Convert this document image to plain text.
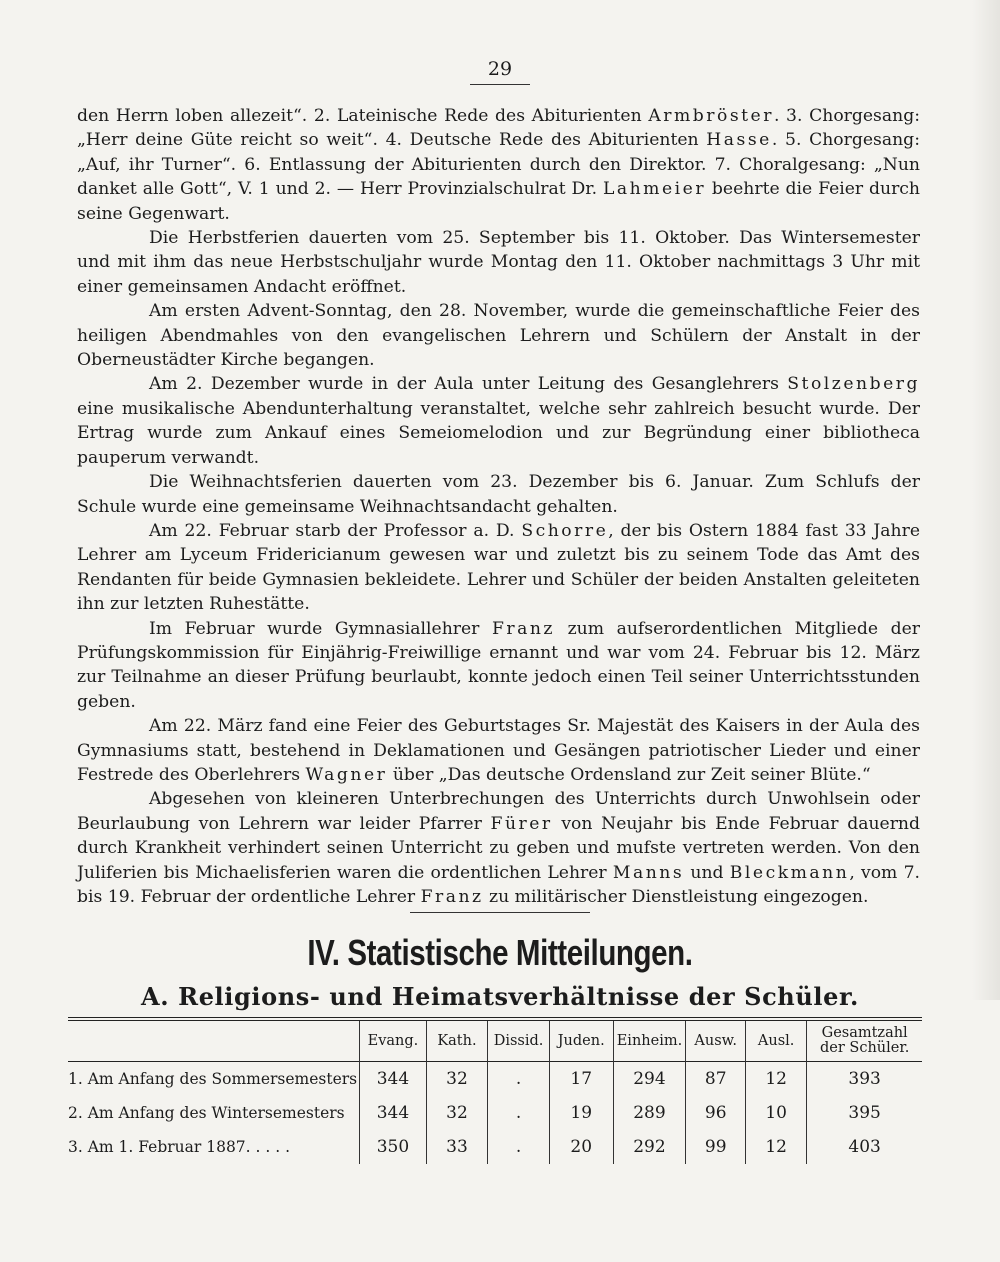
29

den Herrn loben allezeit“. 2. Lateinische Rede des Abiturienten Armbröster. 3. Chorgesang: „Herr deine Güte reicht so weit“. 4. Deutsche Rede des Abiturienten Hasse. 5. Chorgesang: „Auf, ihr Turner“. 6. Entlassung der Abiturienten durch den Direktor. 7. Choralgesang: „Nun danket alle Gott“, V. 1 und 2. — Herr Provinzialschulrat Dr. Lahmeier beehrte die Feier durch seine Gegenwart.

Die Herbstferien dauerten vom 25. September bis 11. Oktober. Das Wintersemester und mit ihm das neue Herbstschuljahr wurde Montag den 11. Oktober nachmittags 3 Uhr mit einer gemeinsamen Andacht eröffnet.

Am ersten Advent-Sonntag, den 28. November, wurde die gemeinschaftliche Feier des heiligen Abendmahles von den evangelischen Lehrern und Schülern der Anstalt in der Oberneustädter Kirche begangen.

Am 2. Dezember wurde in der Aula unter Leitung des Gesanglehrers Stolzenberg eine musikalische Abendunterhaltung veranstaltet, welche sehr zahlreich besucht wurde. Der Ertrag wurde zum Ankauf eines Semeiomelodion und zur Begründung einer bibliotheca pauperum verwandt.

Die Weihnachtsferien dauerten vom 23. Dezember bis 6. Januar. Zum Schlufs der Schule wurde eine gemeinsame Weihnachtsandacht gehalten.

Am 22. Februar starb der Professor a. D. Schorre, der bis Ostern 1884 fast 33 Jahre Lehrer am Lyceum Fridericianum gewesen war und zuletzt bis zu seinem Tode das Amt des Rendanten für beide Gymnasien bekleidete. Lehrer und Schüler der beiden Anstalten geleiteten ihn zur letzten Ruhestätte.

Im Februar wurde Gymnasiallehrer Franz zum aufserordentlichen Mitgliede der Prüfungskommission für Einjährig-Freiwillige ernannt und war vom 24. Februar bis 12. März zur Teilnahme an dieser Prüfung beurlaubt, konnte jedoch einen Teil seiner Unterrichtsstunden geben.

Am 22. März fand eine Feier des Geburtstages Sr. Majestät des Kaisers in der Aula des Gymnasiums statt, bestehend in Deklamationen und Gesängen patriotischer Lieder und einer Festrede des Oberlehrers Wagner über „Das deutsche Ordensland zur Zeit seiner Blüte.“

Abgesehen von kleineren Unterbrechungen des Unterrichts durch Unwohlsein oder Beurlaubung von Lehrern war leider Pfarrer Fürer von Neujahr bis Ende Februar dauernd durch Krankheit verhindert seinen Unterricht zu geben und mufste vertreten werden. Von den Juliferien bis Michaelisferien waren die ordentlichen Lehrer Manns und Bleckmann, vom 7. bis 19. Februar der ordentliche Lehrer Franz zu militärischer Dienstleistung eingezogen.

IV. Statistische Mitteilungen.
A. Religions- und Heimatsverhältnisse der Schüler.
	Evang.	Kath.	Dissid.	Juden.	Einheim.	Ausw.	Ausl.	Gesamtzahl der Schüler.
1. Am Anfang des Sommersemesters	344	32	.	17	294	87	12	393
2. Am Anfang des Wintersemesters	344	32	.	19	289	96	10	395
3. Am 1. Februar 1887. . . . .	350	33	.	20	292	99	12	403
